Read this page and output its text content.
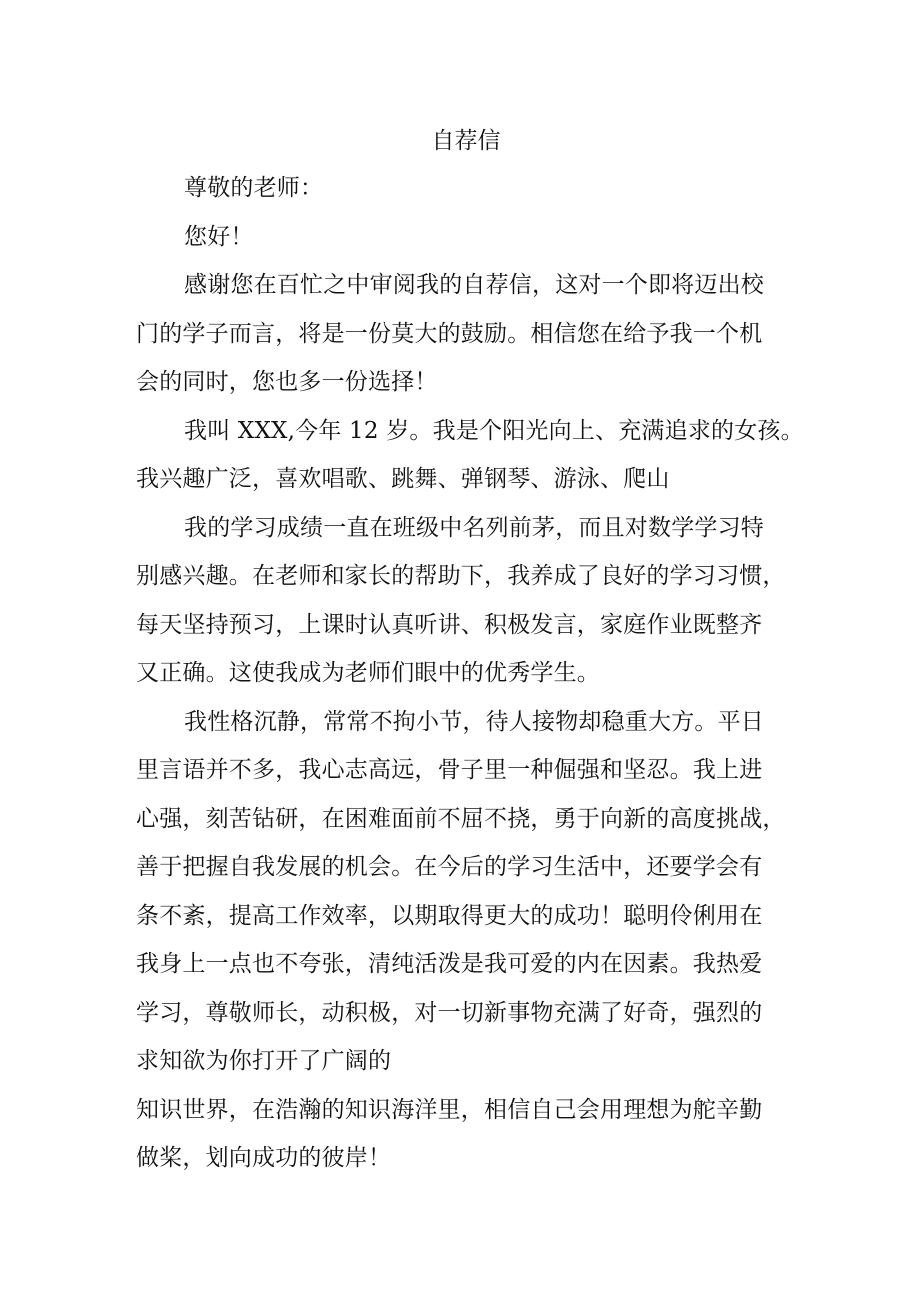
自荐信

尊敬的老师：

您好！

感谢您在百忙之中审阅我的自荐信，这对一个即将迈出校

门的学子而言，将是一份莫大的鼓励。相信您在给予我一个机

会的同时，您也多一份选择！

我叫 XXX,今年 12 岁。我是个阳光向上、充满追求的女孩。

我兴趣广泛，喜欢唱歌、跳舞、弹钢琴、游泳、爬山

我的学习成绩一直在班级中名列前茅，而且对数学学习特

别感兴趣。在老师和家长的帮助下，我养成了良好的学习习惯，

每天坚持预习，上课时认真听讲、积极发言，家庭作业既整齐

又正确。这使我成为老师们眼中的优秀学生。

我性格沉静，常常不拘小节，待人接物却稳重大方。平日

里言语并不多，我心志高远，骨子里一种倔强和坚忍。我上进

心强，刻苦钻研，在困难面前不屈不挠，勇于向新的高度挑战，

善于把握自我发展的机会。在今后的学习生活中，还要学会有

条不紊，提高工作效率，以期取得更大的成功！聪明伶俐用在

我身上一点也不夸张，清纯活泼是我可爱的内在因素。我热爱

学习，尊敬师长，动积极，对一切新事物充满了好奇，强烈的

求知欲为你打开了广阔的

知识世界，在浩瀚的知识海洋里，相信自己会用理想为舵辛勤

做桨，划向成功的彼岸！
